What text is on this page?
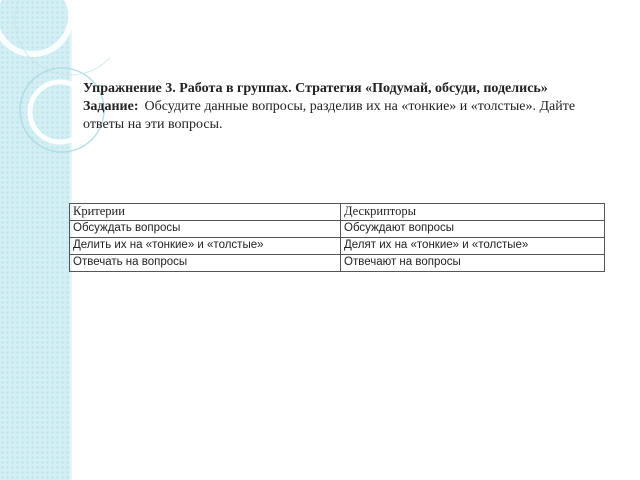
Упражнение 3. Работа в группах. Стратегия «Подумай, обсуди, поделись»
Задание: Обсудите данные вопросы, разделив их на «тонкие» и «толстые». Дайте ответы на эти вопросы.
Критерии	Дескрипторы
Обсуждать вопросы	Обсуждают вопросы
Делить их на «тонкие» и «толстые»	Делят их на «тонкие» и «толстые»
Отвечать на вопросы	Отвечают на вопросы
